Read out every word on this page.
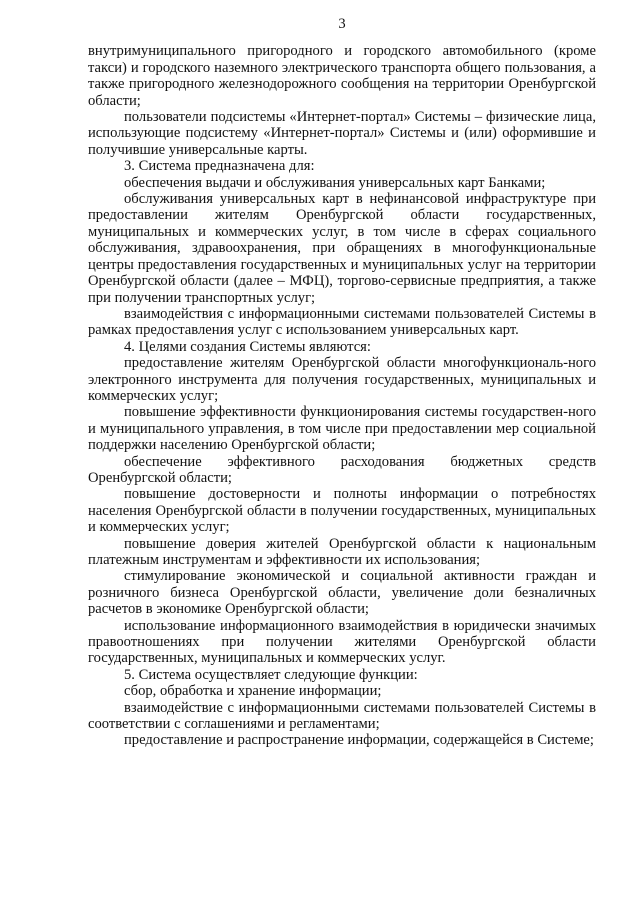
3

внутримуниципального пригородного и городского автомобильного (кроме такси) и городского наземного электрического транспорта общего пользования, а также пригородного железнодорожного сообщения на территории Оренбургской области;

пользователи подсистемы «Интернет-портал» Системы – физические лица, использующие подсистему «Интернет-портал» Системы и (или) оформившие и получившие универсальные карты.

3. Система предназначена для:

обеспечения выдачи и обслуживания универсальных карт Банками;

обслуживания универсальных карт в нефинансовой инфраструктуре при предоставлении жителям Оренбургской области государственных, муниципальных и коммерческих услуг, в том числе в сферах социального обслуживания, здравоохранения, при обращениях в многофункциональные центры предоставления государственных и муниципальных услуг на территории Оренбургской области (далее – МФЦ), торгово-сервисные предприятия, а также при получении транспортных услуг;

взаимодействия с информационными системами пользователей Системы в рамках предоставления услуг с использованием универсальных карт.

4. Целями создания Системы являются:

предоставление жителям Оренбургской области многофункциональ-ного электронного инструмента для получения государственных, муниципальных и коммерческих услуг;

повышение эффективности функционирования системы государствен-ного и муниципального управления, в том числе при предоставлении мер социальной поддержки населению Оренбургской области;

обеспечение эффективного расходования бюджетных средств Оренбургской области;

повышение достоверности и полноты информации о потребностях населения Оренбургской области в получении государственных, муниципальных и коммерческих услуг;

повышение доверия жителей Оренбургской области к национальным платежным инструментам и эффективности их использования;

стимулирование экономической и социальной активности граждан и розничного бизнеса Оренбургской области, увеличение доли безналичных расчетов в экономике Оренбургской области;

использование информационного взаимодействия в юридически значимых правоотношениях при получении жителями Оренбургской области государственных, муниципальных и коммерческих услуг.

5. Система осуществляет следующие функции:

сбор, обработка и хранение информации;

взаимодействие с информационными системами пользователей Системы в соответствии с соглашениями и регламентами;

предоставление и распространение информации, содержащейся в Системе;
